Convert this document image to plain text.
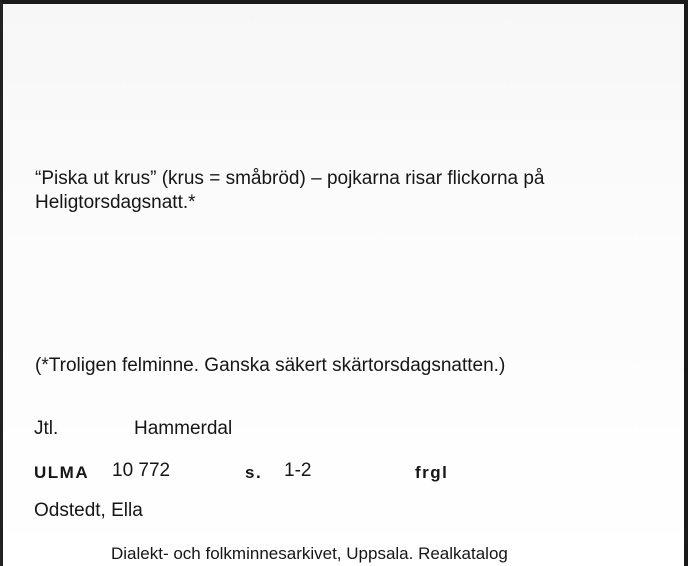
“Piska ut krus” (krus = småbröd) – pojkarna risar flickorna på Heligtorsdagsnatt.*
(*Troligen felminne. Ganska säkert skärtorsdagsnatten.)
Jtl.	Hammerdal
ULMA 10 772	s. 1-2	frgl
Odstedt, Ella
Dialekt- och folkminnesarkivet, Uppsala. Realkatalog
